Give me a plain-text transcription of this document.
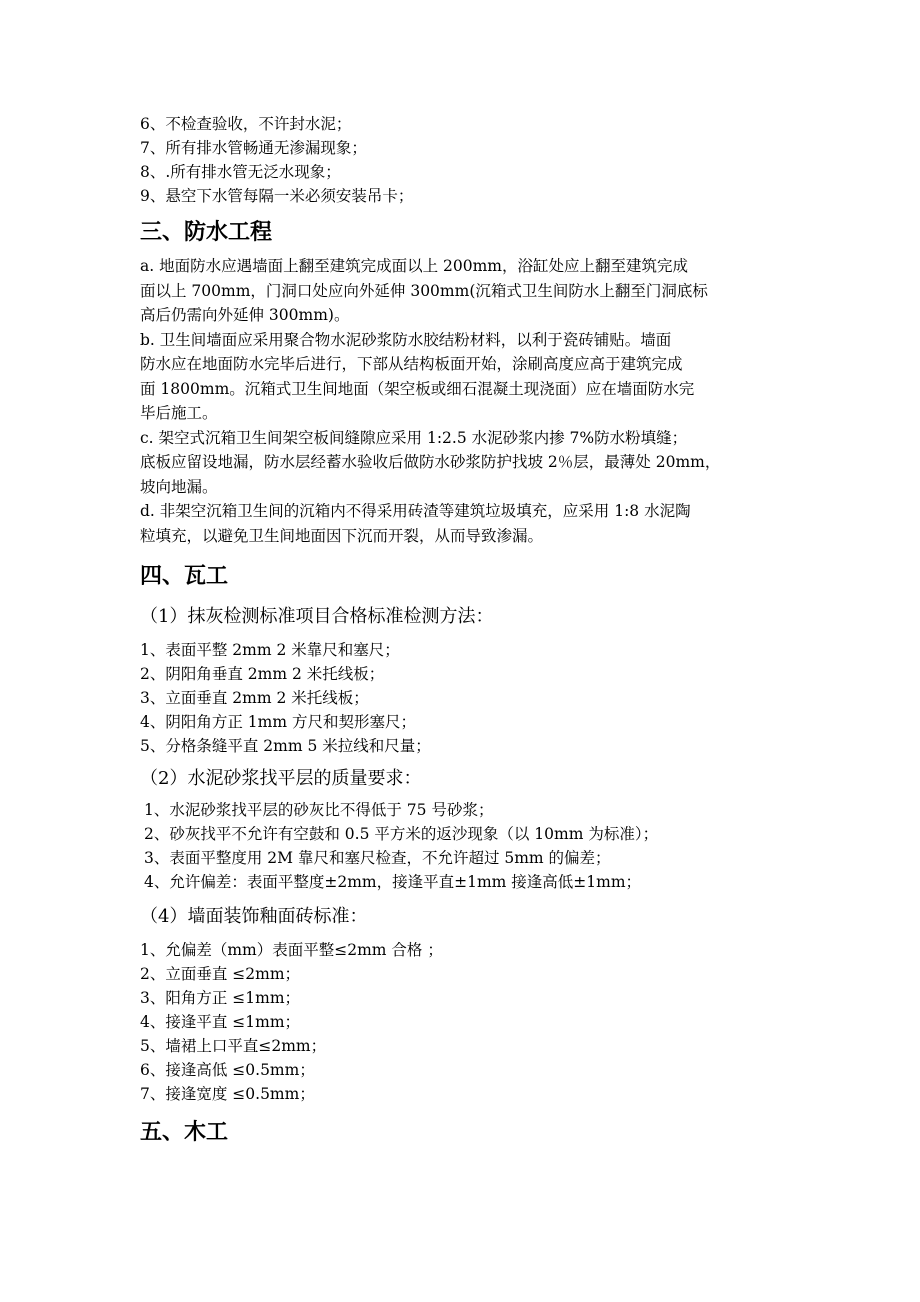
6、不检查验收，不许封水泥；

7、所有排水管畅通无渗漏现象；

8、.所有排水管无泛水现象；

9、悬空下水管每隔一米必须安装吊卡；

三、防水工程

a. 地面防水应遇墙面上翻至建筑完成面以上 200mm，浴缸处应上翻至建筑完成
面以上 700mm，门洞口处应向外延伸 300mm(沉箱式卫生间防水上翻至门洞底标
高后仍需向外延伸 300mm)。

b. 卫生间墙面应采用聚合物水泥砂浆防水胶结粉材料，以利于瓷砖铺贴。墙面
防水应在地面防水完毕后进行，下部从结构板面开始，涂刷高度应高于建筑完成
面 1800mm。沉箱式卫生间地面（架空板或细石混凝土现浇面）应在墙面防水完
毕后施工。

c. 架空式沉箱卫生间架空板间缝隙应采用 1:2.5 水泥砂浆内掺 7%防水粉填缝；
底板应留设地漏，防水层经蓄水验收后做防水砂浆防护找坡 2％层，最薄处 20mm，
坡向地漏。

d. 非架空沉箱卫生间的沉箱内不得采用砖渣等建筑垃圾填充，应采用 1:8 水泥陶
粒填充，以避免卫生间地面因下沉而开裂，从而导致渗漏。

四、瓦工

（1）抹灰检测标准项目合格标准检测方法：

1、表面平整 2mm 2 米靠尺和塞尺；

2、阴阳角垂直 2mm 2 米托线板；

3、立面垂直 2mm 2 米托线板；

4、阴阳角方正 1mm 方尺和契形塞尺；

5、分格条缝平直 2mm 5 米拉线和尺量；

（2）水泥砂浆找平层的质量要求：

1、水泥砂浆找平层的砂灰比不得低于 75 号砂浆；

2、砂灰找平不允许有空鼓和 0.5 平方米的返沙现象（以 10mm 为标准）；

3、表面平整度用 2M 靠尺和塞尺检查，不允许超过 5mm 的偏差；

4、允许偏差：表面平整度±2mm，接逢平直±1mm 接逢高低±1mm；

（4）墙面装饰釉面砖标准：

1、允偏差（mm）表面平整≤2mm 合格 ；

2、立面垂直 ≤2mm；

3、阳角方正 ≤1mm；

4、接逢平直 ≤1mm；

5、墙裙上口平直≤2mm；

6、接逢高低 ≤0.5mm；

7、接逢宽度 ≤0.5mm；

五、木工
